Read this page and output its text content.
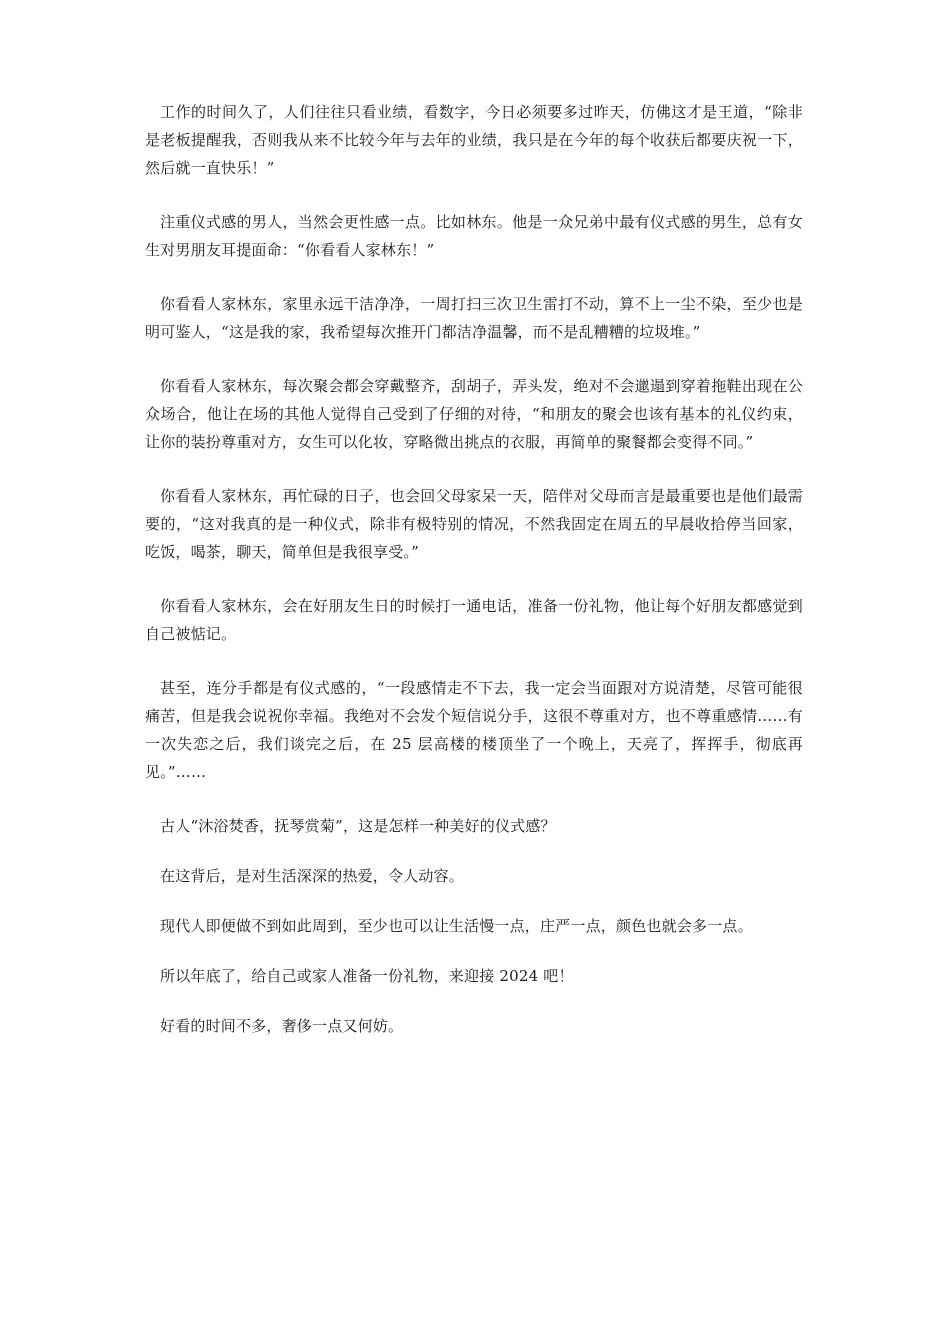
工作的时间久了，人们往往只看业绩，看数字，今日必须要多过昨天，仿佛这才是王道，“除非是老板提醒我，否则我从来不比较今年与去年的业绩，我只是在今年的每个收获后都要庆祝一下，然后就一直快乐！”

注重仪式感的男人，当然会更性感一点。比如林东。他是一众兄弟中最有仪式感的男生，总有女生对男朋友耳提面命：“你看看人家林东！”

你看看人家林东，家里永远干洁净净，一周打扫三次卫生雷打不动，算不上一尘不染，至少也是明可鉴人，“这是我的家，我希望每次推开门都洁净温馨，而不是乱糟糟的垃圾堆。”

你看看人家林东，每次聚会都会穿戴整齐，刮胡子，弄头发，绝对不会邋遢到穿着拖鞋出现在公众场合，他让在场的其他人觉得自己受到了仔细的对待，“和朋友的聚会也该有基本的礼仪约束，让你的装扮尊重对方，女生可以化妆，穿略微出挑点的衣服，再简单的聚餐都会变得不同。”

你看看人家林东，再忙碌的日子，也会回父母家呆一天，陪伴对父母而言是最重要也是他们最需要的，“这对我真的是一种仪式，除非有极特别的情况，不然我固定在周五的早晨收拾停当回家，吃饭，喝茶，聊天，简单但是我很享受。”

你看看人家林东，会在好朋友生日的时候打一通电话，准备一份礼物，他让每个好朋友都感觉到自己被惦记。

甚至，连分手都是有仪式感的，“一段感情走不下去，我一定会当面跟对方说清楚，尽管可能很痛苦，但是我会说祝你幸福。我绝对不会发个短信说分手，这很不尊重对方，也不尊重感情……有一次失恋之后，我们谈完之后，在 25 层高楼的楼顶坐了一个晚上，天亮了，挥挥手，彻底再见。”……

古人“沐浴焚香，抚琴赏菊”，这是怎样一种美好的仪式感？

在这背后，是对生活深深的热爱，令人动容。

现代人即便做不到如此周到，至少也可以让生活慢一点，庄严一点，颜色也就会多一点。

所以年底了，给自己或家人准备一份礼物，来迎接 2024 吧！

好看的时间不多，奢侈一点又何妨。
